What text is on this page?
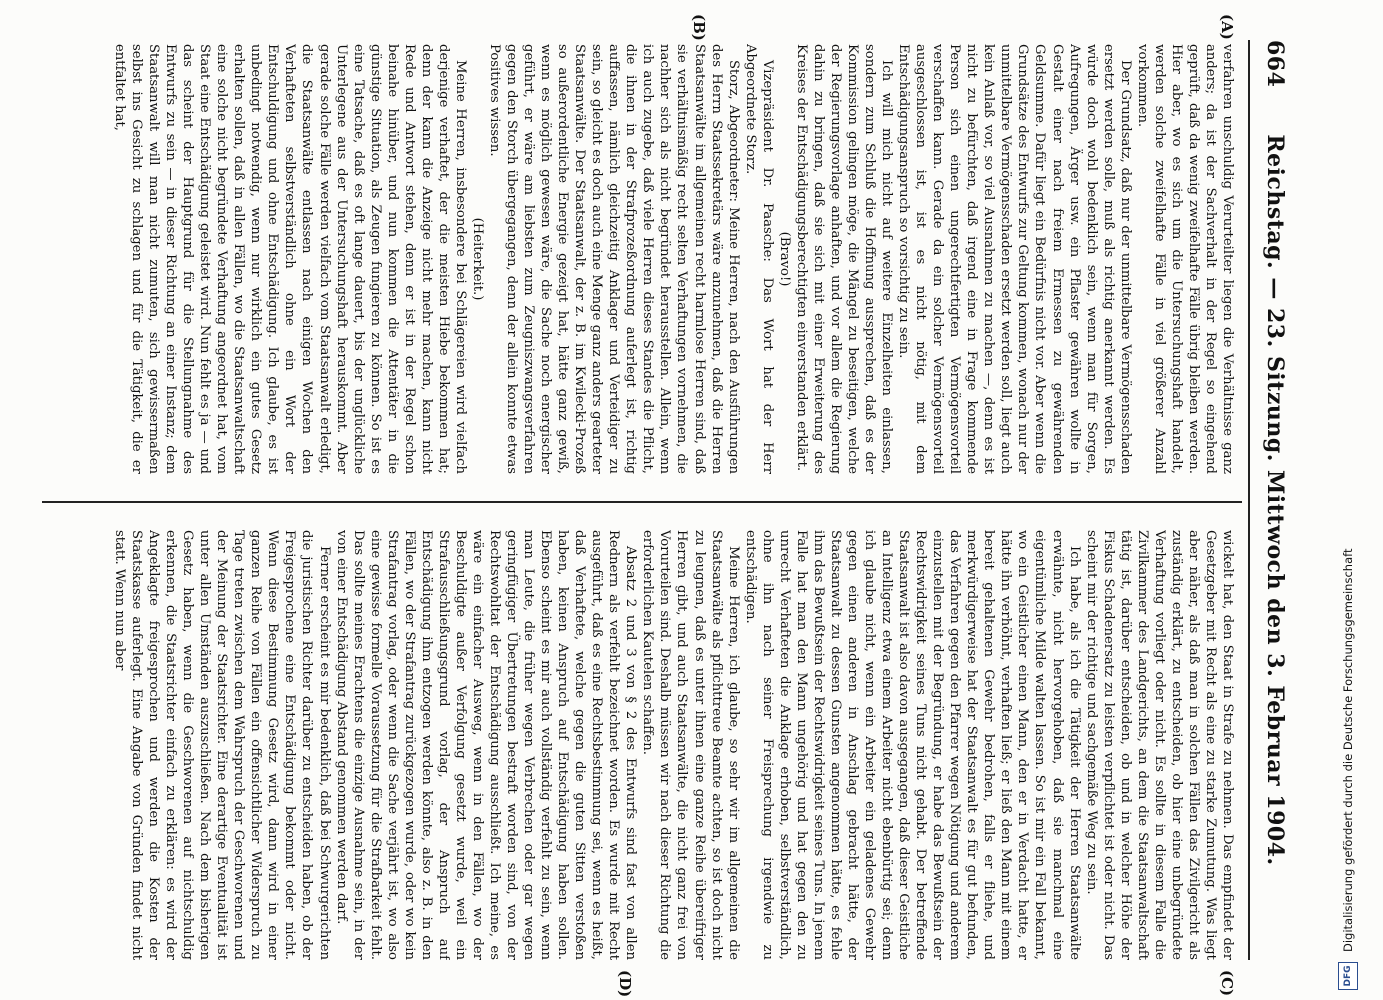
664
Reichstag. — 23. Sitzung. Mittwoch den 3. Februar 1904.
(A)
(B)
(C)
(D)

verfahren unschuldig Verurteilter liegen die Verhältnisse ganz anders; da ist der Sachverhalt in der Regel so eingehend geprüft, daß da wenig zweifelhafte Fälle übrig bleiben werden. Hier aber, wo es sich um die Untersuchungshaft handelt, werden solche zweifelhafte Fälle in viel größerer Anzahl vorkommen.

Der Grundsatz, daß nur der unmittelbare Vermögensschaden ersetzt werden solle, muß als richtig anerkannt werden. Es würde doch wohl bedenklich sein, wenn man für Sorgen, Aufregungen, Ärger usw. ein Pflaster gewähren wollte in Gestalt einer nach freiem Ermessen zu gewährenden Geldsumme. Dafür liegt ein Bedürfnis nicht vor. Aber wenn die Grundsätze des Entwurfs zur Geltung kommen, wonach nur der unmittelbare Vermögensschaden ersetzt werden soll, liegt auch kein Anlaß vor, so viel Ausnahmen zu machen —, denn es ist nicht zu befürchten, daß irgend eine in Frage kommende Person sich einen ungerechtfertigten Vermögensvorteil verschaffen kann. Gerade da ein solcher Vermögensvorteil ausgeschlossen ist, ist es nicht nötig, mit dem Entschädigungsanspruch so vorsichtig zu sein.

Ich will mich nicht auf weitere Einzelheiten einlassen, sondern zum Schluß die Hoffnung aussprechen, daß es der Kommission gelingen möge, die Mängel zu beseitigen, welche der Regierungsvorlage anhaften, und vor allem die Regierung dahin zu bringen, daß sie sich mit einer Erweiterung des Kreises der Entschädigungsberechtigten einverstanden erklärt.

(Bravo!)

Vizepräsident Dr. Paasche: Das Wort hat der Herr Abgeordnete Storz.

Storz, Abgeordneter: Meine Herren, nach den Ausführungen des Herrn Staatssekretärs wäre anzunehmen, daß die Herren Staatsanwälte im allgemeinen recht harmlose Herren sind, daß sie verhältnismäßig recht selten Verhaftungen vornehmen, die nachher sich als nicht begründet herausstellen. Allein, wenn ich auch zugebe, daß viele Herren dieses Standes die Pflicht, die ihnen in der Strafprozeßordnung auferlegt ist, richtig auffassen, nämlich gleichzeitig Anklager und Verteidiger zu sein, so gleicht es doch auch eine Menge ganz anders gearteter Staatsanwälte. Der Staatsanwalt, der z. B. im Kwilecki-Prozeß so außerordentliche Energie gezeigt hat, hätte ganz gewiß, wenn es möglich gewesen wäre, die Sache noch energischer geführt, er wäre am liebsten zum Zeugniszwangsverfahren gegen den Storch übergegangen, denn der allein konnte etwas Positives wissen.

(Heiterkeit.)

Meine Herren, insbesondere bei Schlägereien wird vielfach derjenige verhaftet, der die meisten Hiebe bekommen hat; denn der kann die Anzeige nicht mehr machen, kann nicht Rede und Antwort stehen, denn er ist in der Regel schon beinahe hinüber, und nun kommen die Attentäter in die günstige Situation, als Zeugen fungieren zu können. So ist es eine Tatsache, daß es oft lange dauert, bis der unglückliche Unterlegene aus der Untersuchungshaft herauskommt. Aber gerade solche Fälle werden vielfach vom Staatsanwalt erledigt, die Staatsanwälte entlassen nach einigen Wochen den Verhafteten selbstverständlich ohne ein Wort der Entschuldigung und ohne Entschädigung. Ich glaube, es ist unbedingt notwendig, wenn nur wirklich ein gutes Gesetz erhalten sollen, daß in allen Fällen, wo die Staatsanwaltschaft eine solche nicht begründete Verhaftung angeordnet hat, vom Staat eine Entschädigung geleistet wird. Nun fehlt es ja — und das scheint der Hauptgrund für die Stellungnahme des Entwurfs zu sein — in dieser Richtung an einer Instanz; dem Staatsanwalt will man nicht zumuten, sich gewissermaßen selbst ins Gesicht zu schlagen und für die Tätigkeit, die er entfaltet hat,

wickelt hat, den Staat in Strafe zu nehmen. Das empfindet der Gesetzgeber mit Recht als eine zu starke Zumutung. Was liegt aber näher, als daß man in solchen Fällen das Zivilgericht als zuständig erklärt, zu entscheiden, ob hier eine unbegründete Verhaftung vorliegt oder nicht. Es sollte in diesem Falle die Zivilkammer des Landgerichts, an dem die Staatsanwaltschaft tätig ist, darüber entscheiden, ob und in welcher Höhe der Fiskus Schadenersatz zu leisten verpflichtet ist oder nicht. Das scheint mir der richtige und sachgemäße Weg zu sein.

Ich habe, als ich die Tätigkeit der Herren Staatsanwälte erwähnte, nicht hervorgehoben, daß sie manchmal eine eigentümliche Milde walten lassen. So ist mir ein Fall bekannt, wo ein Geistlicher einen Mann, den er in Verdacht hatte, er hätte ihn verhöhnt, verhaften ließ; er ließ den Mann mit einem bereit gehaltenen Gewehr bedrohen, falls er fliehe, und merkwürdigerweise hat der Staatsanwalt es für gut befunden, das Verfahren gegen den Pfarrer wegen Nötigung und anderem einzustellen mit der Begründung, er habe das Bewußtsein der Rechtswidrigkeit seines Tuns nicht gehabt. Der betreffende Staatsanwalt ist also davon ausgegangen, daß dieser Geistliche an Intelligenz etwa einem Arbeiter nicht ebenbürtig sei; denn ich glaube nicht, wenn ein Arbeiter ein geladenes Gewehr gegen einen anderen in Anschlag gebracht hätte, der Staatsanwalt zu dessen Gunsten angenommen hätte, es fehle ihm das Bewußtsein der Rechtswidrigkeit seines Tuns. In jenem Falle hat man den Mann ungehörig und hat gegen den zu unrecht Verhafteten die Anklage erhoben, selbstverständlich, ohne ihn nach seiner Freisprechung irgendwie zu entschädigen.

Meine Herren, ich glaube, so sehr wir im allgemeinen die Staatsanwälte als pflichttreue Beamte achten, so ist doch nicht zu leugnen, daß es unter ihnen eine ganze Reihe übereifriger Herren gibt, und auch Staatsanwälte, die nicht ganz frei von Vorurteilen sind. Deshalb müssen wir nach dieser Richtung die erforderlichen Kautelen schaffen.

Absatz 2 und 3 von § 2 des Entwurfs sind fast von allen Rednern als verfehlt bezeichnet worden. Es wurde mit Recht ausgeführt, daß es eine Rechtsbestimmung sei, wenn es heißt, daß Verhaftete, welche gegen die guten Sitten verstoßen haben, keinen Anspruch auf Entschädigung haben sollen. Ebenso scheint es mir auch vollständig verfehlt zu sein, wenn man Leute, die früher wegen Verbrechen oder gar wegen geringfügiger Übertretungen bestraft worden sind, von der Rechtswohltat der Entschädigung ausschließt. Ich meine, es wäre ein einfacher Ausweg, wenn in den Fällen, wo der Beschuldigte außer Verfolgung gesetzt wurde, weil ein Strafausschließungsgrund vorlag, der Anspruch auf Entschädigung ihm entzogen werden könnte, also z. B. in den Fällen, wo der Strafantrag zurückgezogen wurde, oder wo kein Strafantrag vorlag, oder wenn die Sache verjährt ist, wo also eine gewisse formelle Voraussetzung für die Strafbarkeit fehlt. Das sollte meines Erachtens die einzige Ausnahme sein, in der von einer Entschädigung Abstand genommen werden darf.

Ferner erscheint es mir bedenklich, daß bei Schwurgerichten die juristischen Richter darüber zu entscheiden haben, ob der Freigesprochene eine Entschädigung bekommt oder nicht. Wenn diese Bestimmung Gesetz wird, dann wird in einer ganzen Reihe von Fällen ein offensichtlicher Widerspruch zu Tage treten zwischen dem Wahrspruch der Geschworenen und der Meinung der Staatsrichter. Eine derartige Eventualität ist unter allen Umständen auszuschließen. Nach dem bisherigen Gesetz haben, wenn die Geschworenen auf nichtschuldig erkennen, die Staatsrichter einfach zu erklären: es wird der Angeklagte freigesprochen und werden die Kosten der Staatskasse auferlegt. Eine Angabe von Gründen findet nicht statt. Wenn nun aber	Digitalisierung gefördert durch die Deutsche Forschungsgemeinschaft
DFG
